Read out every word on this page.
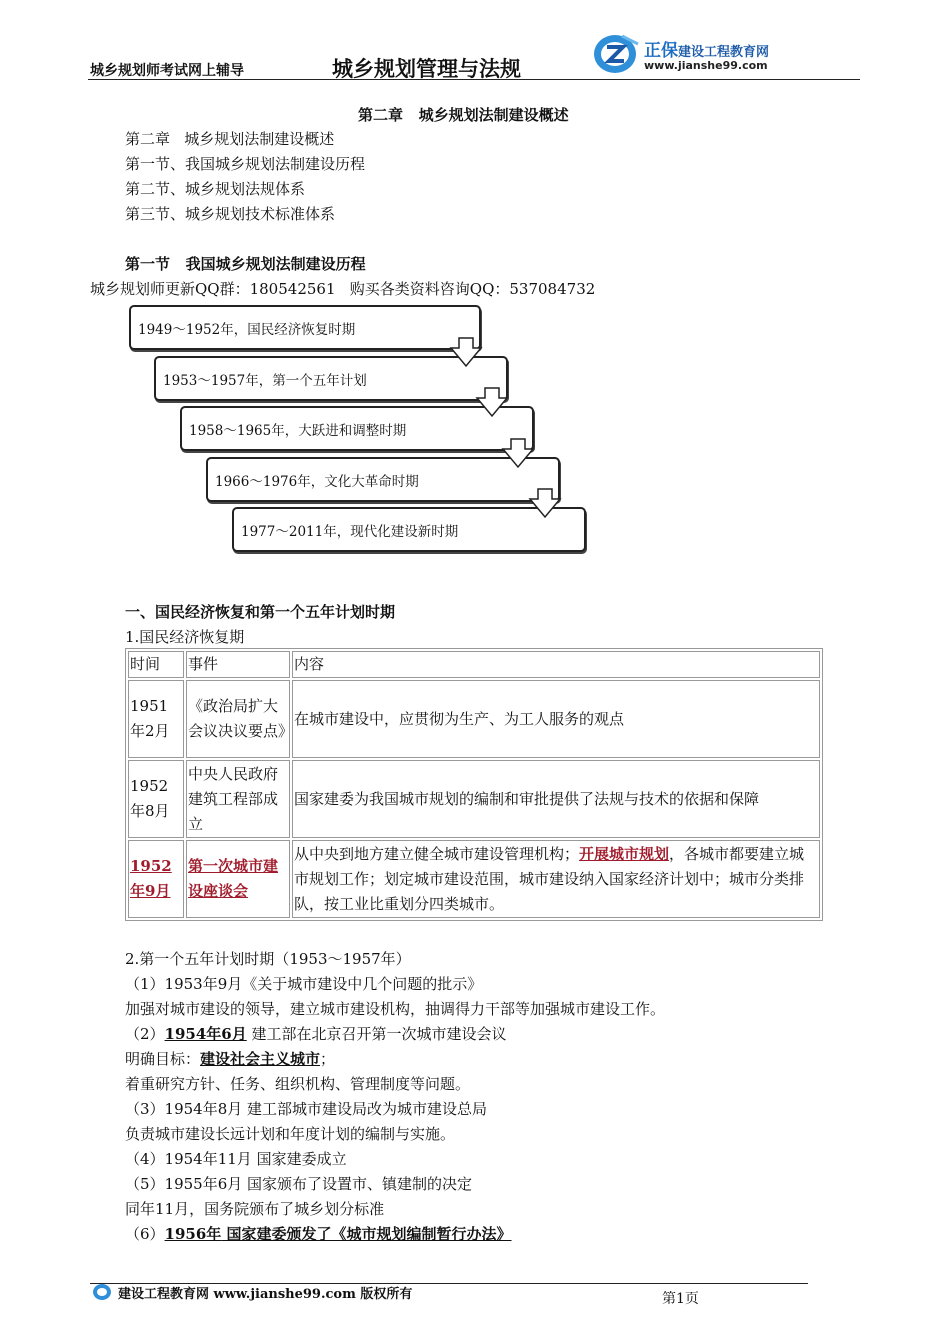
城乡规划师考试网上辅导	城乡规划管理与法规
正保建设工程教育网
www.jianshe99.com
第二章   城乡规划法制建设概述
第二章   城乡规划法制建设概述
第一节、我国城乡规划法制建设历程
第二节、城乡规划法规体系
第三节、城乡规划技术标准体系
第一节   我国城乡规划法制建设历程
城乡规划师更新QQ群：180542561   购买各类资料咨询QQ：537084732
1949～1952年，国民经济恢复时期
1953～1957年，第一个五年计划
1958～1965年，大跃进和调整时期
1966～1976年，文化大革命时期
1977～2011年，现代化建设新时期
一、国民经济恢复和第一个五年计划时期
1.国民经济恢复期
时间	事件	内容
1951年2月	《政治局扩大会议决议要点》	在城市建设中，应贯彻为生产、为工人服务的观点
1952年8月	中央人民政府建筑工程部成立	国家建委为我国城市规划的编制和审批提供了法规与技术的依据和保障
1952年9月	第一次城市建设座谈会	从中央到地方建立健全城市建设管理机构；开展城市规划，各城市都要建立城市规划工作；划定城市建设范围，城市建设纳入国家经济计划中；城市分类排队，按工业比重划分四类城市。
2.第一个五年计划时期（1953～1957年）
（1）1953年9月《关于城市建设中几个问题的批示》
加强对城市建设的领导，建立城市建设机构，抽调得力干部等加强城市建设工作。
（2）1954年6月 建工部在北京召开第一次城市建设会议
明确目标：建设社会主义城市；
着重研究方针、任务、组织机构、管理制度等问题。
（3）1954年8月 建工部城市建设局改为城市建设总局
负责城市建设长远计划和年度计划的编制与实施。
（4）1954年11月 国家建委成立
（5）1955年6月 国家颁布了设置市、镇建制的决定
同年11月，国务院颁布了城乡划分标准
（6）1956年 国家建委颁发了《城市规划编制暂行办法》
建设工程教育网 www.jianshe99.com 版权所有	第1页
